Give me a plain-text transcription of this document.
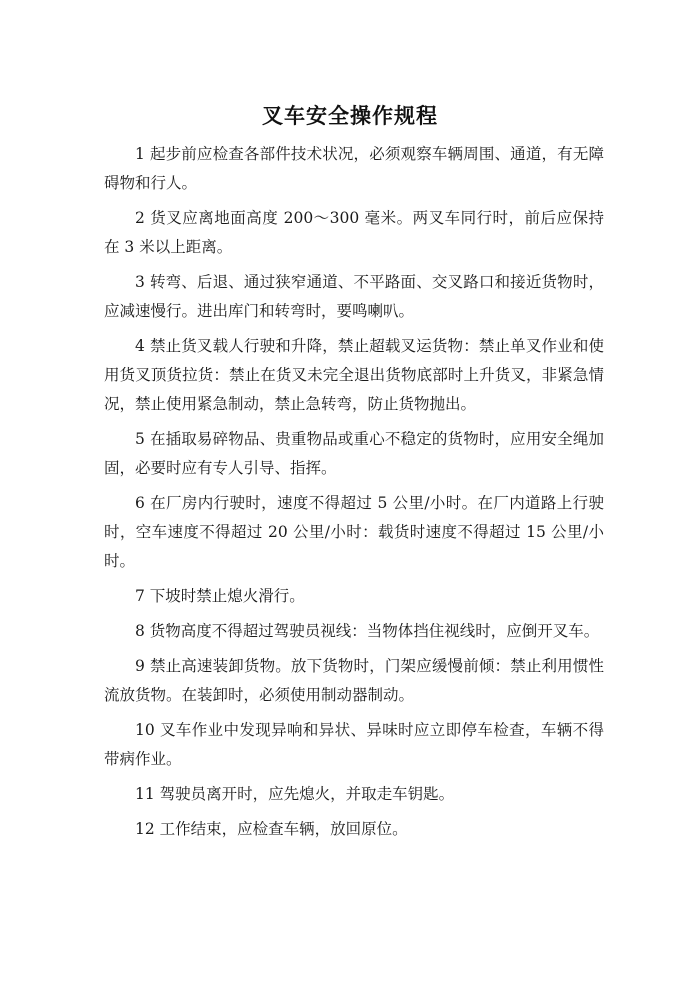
叉车安全操作规程

1 起步前应检查各部件技术状况，必须观察车辆周围、通道，有无障碍物和行人。

2 货叉应离地面高度 200～300 毫米。两叉车同行时，前后应保持在 3 米以上距离。

3 转弯、后退、通过狭窄通道、不平路面、交叉路口和接近货物时，应减速慢行。进出库门和转弯时，要鸣喇叭。

4 禁止货叉载人行驶和升降，禁止超载叉运货物：禁止单叉作业和使用货叉顶货拉货：禁止在货叉未完全退出货物底部时上升货叉，非紧急情况，禁止使用紧急制动，禁止急转弯，防止货物抛出。

5 在插取易碎物品、贵重物品或重心不稳定的货物时，应用安全绳加固，必要时应有专人引导、指挥。

6 在厂房内行驶时，速度不得超过 5 公里/小时。在厂内道路上行驶时，空车速度不得超过 20 公里/小时：载货时速度不得超过 15 公里/小时。

7 下坡时禁止熄火滑行。

8 货物高度不得超过驾驶员视线：当物体挡住视线时，应倒开叉车。

9 禁止高速装卸货物。放下货物时，门架应缓慢前倾：禁止利用惯性流放货物。在装卸时，必须使用制动器制动。

10 叉车作业中发现异响和异状、异味时应立即停车检查，车辆不得带病作业。

11 驾驶员离开时，应先熄火，并取走车钥匙。

12 工作结束，应检查车辆，放回原位。
